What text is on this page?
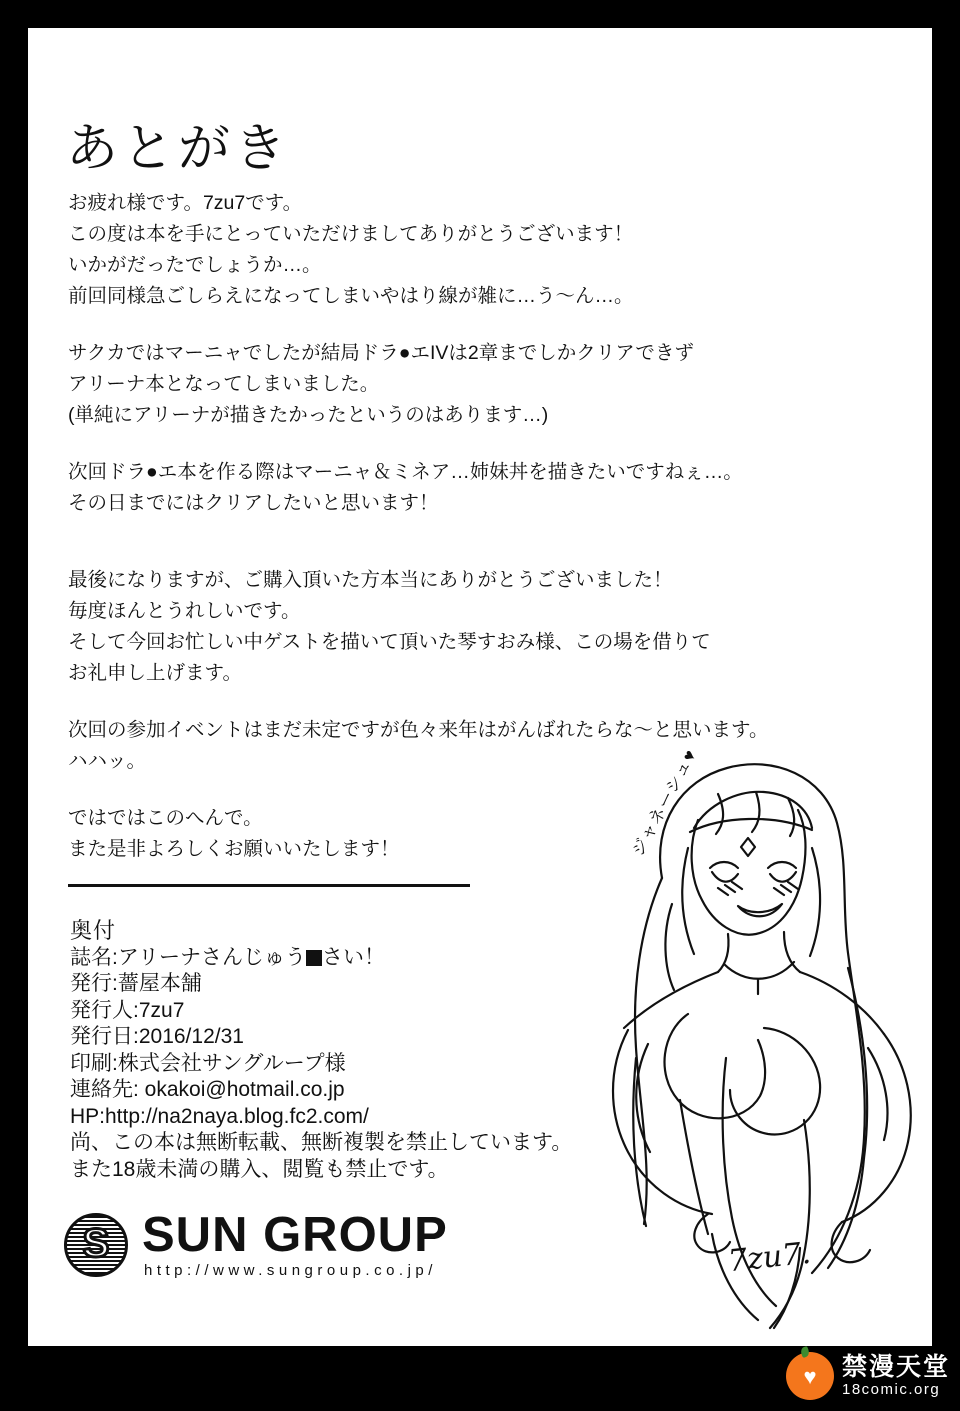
あとがき

お疲れ様です。7zu7です。
この度は本を手にとっていただけましてありがとうございます！
いかがだったでしょうか…。
前回同様急ごしらえになってしまいやはり線が雑に…う～ん…。

サクカではマーニャでしたが結局ドラ●エIVは2章までしかクリアできず
アリーナ本となってしまいました。
(単純にアリーナが描きたかったというのはあります…)

次回ドラ●エ本を作る際はマーニャ＆ミネア…姉妹丼を描きたいですねぇ…。
その日までにはクリアしたいと思います！

最後になりますが、ご購入頂いた方本当にありがとうございました！
毎度ほんとうれしいです。
そして今回お忙しい中ゲストを描いて頂いた琴すおみ様、この場を借りて
お礼申し上げます。

次回の参加イベントはまだ未定ですが色々来年はがんばれたらな～と思います。
ハハッ。

ではではこのへんで。
また是非よろしくお願いいたします！

奥付
誌名:アリーナさんじゅう さい！
発行:薔屋本舗
発行人:7zu7
発行日:2016/12/31
印刷:株式会社サングループ様
連絡先: okakoi@hotmail.co.jp
HP:http://na2naya.blog.fc2.com/
尚、この本は無断転載、無断複製を禁止しています。
また18歳未満の購入、閲覧も禁止です。
S
SUN GROUP
http://www.sungroup.co.jp/
ジャネーシュ♥
7zu7.
♥ 禁漫天堂
18comic.org
